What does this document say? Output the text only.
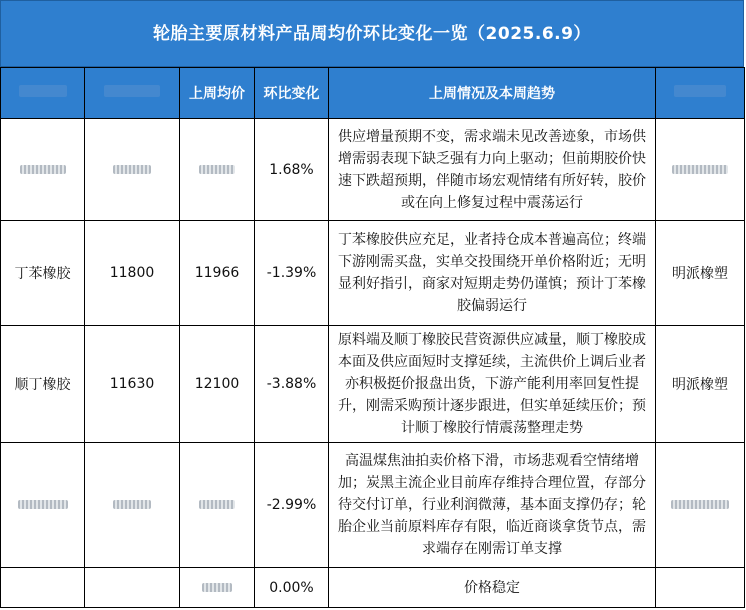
轮胎主要原材料产品周均价环比变化一览（2025.6.9）
		上周均价	环比变化	上周情况及本周趋势	
			1.68%	供应增量预期不变，需求端未见改善迹象，市场供增需弱表现下缺乏强有力向上驱动；但前期胶价快速下跌超预期，伴随市场宏观情绪有所好转，胶价或在向上修复过程中震荡运行	
丁苯橡胶	11800	11966	-1.39%	丁苯橡胶供应充足，业者持仓成本普遍高位；终端下游刚需买盘，实单交投围绕开单价格附近；无明显利好指引，商家对短期走势仍谨慎；预计丁苯橡胶偏弱运行	明派橡塑
顺丁橡胶	11630	12100	-3.88%	原料端及顺丁橡胶民营资源供应减量，顺丁橡胶成本面及供应面短时支撑延续，主流供价上调后业者亦积极挺价报盘出货，下游产能利用率回复性提升，刚需采购预计逐步跟进，但实单延续压价；预计顺丁橡胶行情震荡整理走势	明派橡塑
			-2.99%	高温煤焦油拍卖价格下滑，市场悲观看空情绪增加；炭黑主流企业目前库存维持合理位置，存部分待交付订单，行业利润微薄，基本面支撑仍存；轮胎企业当前原料库存有限，临近商谈拿货节点，需求端存在刚需订单支撑	
			0.00%	价格稳定	
